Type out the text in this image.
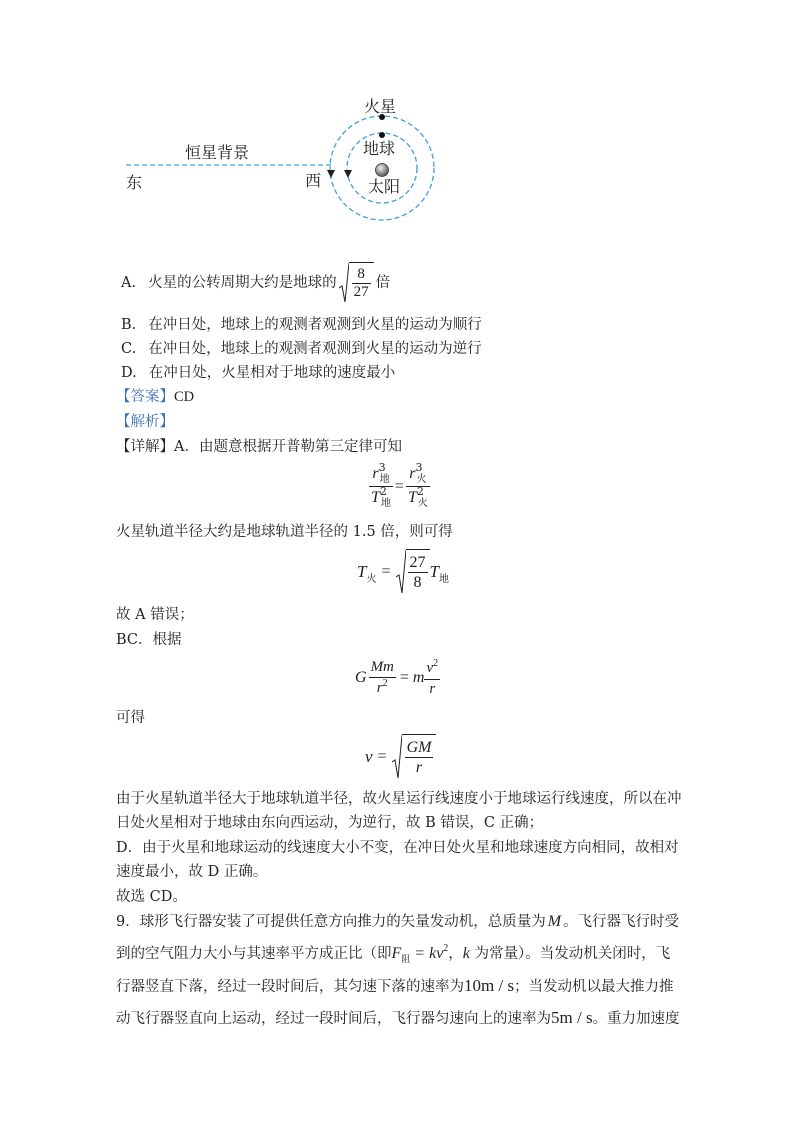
火星
地球
太阳
恒星背景
东	西
A. 火星的公转周期大约是地球的 $\frac{8}{27}$ 倍
B. 在冲日处，地球上的观测者观测到火星的运动为顺行
C. 在冲日处，地球上的观测者观测到火星的运动为逆行
D. 在冲日处，火星相对于地球的速度最小
【答案】CD
【解析】
【详解】A．由题意根据开普勒第三定律可知
$\frac{r^3_地}{T^2_地} = \frac{r^3_火}{T^2_火}$
火星轨道半径大约是地球轨道半径的 1.5 倍，则可得
T 火 = $\frac{27}{8}$ T 地
故 A 错误；
BC．根据
G $\frac{Mm}{r^2} = m \frac{v^2}{r}$
可得
$v = \frac{GM}{r}$
由于火星轨道半径大于地球轨道半径，故火星运行线速度小于地球运行线速度，所以在冲
日处火星相对于地球由东向西运动，为逆行，故 B 错误，C 正确；
D．由于火星和地球运动的线速度大小不变，在冲日处火星和地球速度方向相同，故相对
速度最小，故 D 正确。
故选 CD。
9．球形飞行器安装了可提供任意方向推力的矢量发动机，总质量为 M 。飞行器飞行时受
到的空气阻力大小与其速率平方成正比（即$F_阻 = kv^2$，k 为常量）。当发动机关闭时，飞
行器竖直下落，经过一段时间后，其匀速下落的速率为10m / s；当发动机以最大推力推
动飞行器竖直向上运动，经过一段时间后，飞行器匀速向上的速率为5m / s。重力加速度
